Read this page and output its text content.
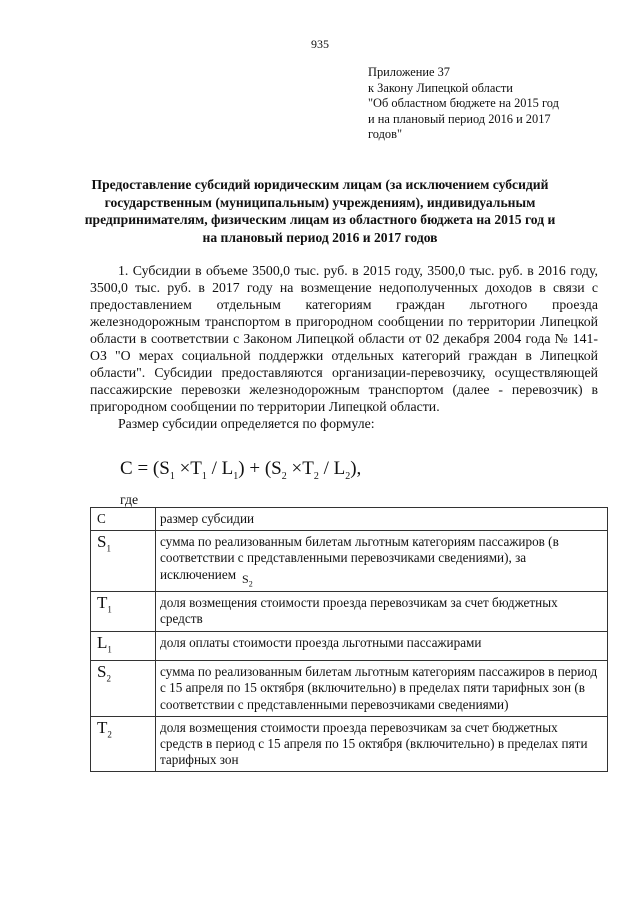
935
Приложение 37
к Закону Липецкой области
"Об областном бюджете на 2015 год
и на плановый период 2016 и 2017
годов"
Предоставление субсидий юридическим лицам (за исключением субсидий государственным (муниципальным) учреждениям), индивидуальным предпринимателям, физическим лицам из областного бюджета на 2015 год и на плановый период 2016 и 2017 годов

1. Субсидии в объеме 3500,0 тыс. руб. в 2015 году, 3500,0 тыс. руб. в 2016 году, 3500,0 тыс. руб. в 2017 году на возмещение недополученных доходов в связи с предоставлением отдельным категориям граждан льготного проезда железнодорожным транспортом в пригородном сообщении по территории Липецкой области в соответствии с Законом Липецкой области от 02 декабря 2004 года № 141-ОЗ "О мерах социальной поддержки отдельных категорий граждан в Липецкой области". Субсидии предоставляются организации-перевозчику, осуществляющей пассажирские перевозки железнодорожным транспортом (далее - перевозчик) в пригородном сообщении по территории Липецкой области.

Размер субсидии определяется по формуле:

$C = (S_1 \times T_1 / L_1) + (S_2 \times T_2 / L_2)$,
где
С	размер субсидии
$S_1$	сумма по реализованным билетам льготным категориям пассажиров (в соответствии с представленными перевозчиками сведениями), за исключением $S_2$
$T_1$	доля возмещения стоимости проезда перевозчикам за счет бюджетных средств
$L_1$	доля оплаты стоимости проезда льготными пассажирами
$S_2$	сумма по реализованным билетам льготным категориям пассажиров в период с 15 апреля по 15 октября (включительно) в пределах пяти тарифных зон (в соответствии с представленными перевозчиками сведениями)
$T_2$	доля возмещения стоимости проезда перевозчикам за счет бюджетных средств в период с 15 апреля по 15 октября (включительно) в пределах пяти тарифных зон
